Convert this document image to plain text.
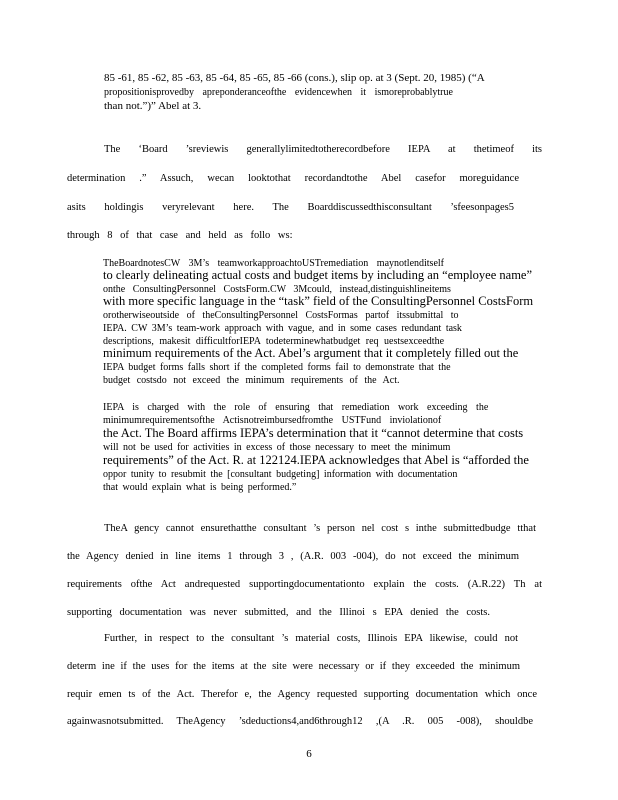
85 -61, 85 -62, 85 -63, 85 -64, 85 -65, 85 -66 (cons.), slip op. at 3 (Sept. 20, 1985) (“A
propositionisprovedby apreponderanceofthe evidencewhen it ismoreprobablytrue
than not.”)” Abel at 3.
The ‘Board ’sreviewis generallylimitedtotherecordbefore IEPA at thetimeof its
determination .” Assuch, wecan looktothat recordandtothe Abel casefor moreguidance
asits holdingis veryrelevant here. The Boarddiscussedthisconsultant ’sfeesonpages5
through 8 of that case and held as follo ws:
TheBoardnotesCW 3M’s teamworkapproachtoUSTremediation maynotlenditself
to clearly delineating actual costs and budget items by including an “employee name”
onthe ConsultingPersonnel CostsForm.CW 3Mcould, instead,distinguishlineitems
with more specific language in the “task” field of the ConsultingPersonnel CostsForm
orotherwiseoutside of theConsultingPersonnel CostsFormas partof itssubmittal to
IEPA. CW 3M’s team-work approach with vague, and in some cases redundant task
descriptions, makesit difficultforIEPA todeterminewhatbudget req uestsexceedthe
minimum requirements of the Act. Abel’s argument that it completely filled out the
IEPA budget forms falls short if the completed forms fail to demonstrate that the
budget costsdo not exceed the minimum requirements of the Act.
IEPA is charged with the role of ensuring that remediation work exceeding the
minimumrequirementsofthe Actisnotreimbursedfromthe USTFund inviolationof
the Act. The Board affirms IEPA’s determination that it “cannot determine that costs
will not be used for activities in excess of those necessary to meet the minimum
requirements” of the Act. R. at 122124.IEPA acknowledges that Abel is “afforded the
oppor tunity to resubmit the [consultant budgeting] information with documentation
that would explain what is being performed.”
TheA gency cannot ensurethatthe consultant ’s person nel cost s inthe submittedbudge tthat
the Agency denied in line items 1 through 3 , (A.R. 003 -004), do not exceed the minimum
requirements ofthe Act andrequested supportingdocumentationto explain the costs. (A.R.22) Th at
supporting documentation was never submitted, and the Illinoi s EPA denied the costs.
Further, in respect to the consultant ’s material costs, Illinois EPA likewise, could not
determ ine if the uses for the items at the site were necessary or if they exceeded the minimum
requir emen ts of the Act. Therefor e, the Agency requested supporting documentation which once
againwasnotsubmitted. TheAgency ’sdeductions4,and6through12 ,(A .R. 005 -008), shouldbe
6
